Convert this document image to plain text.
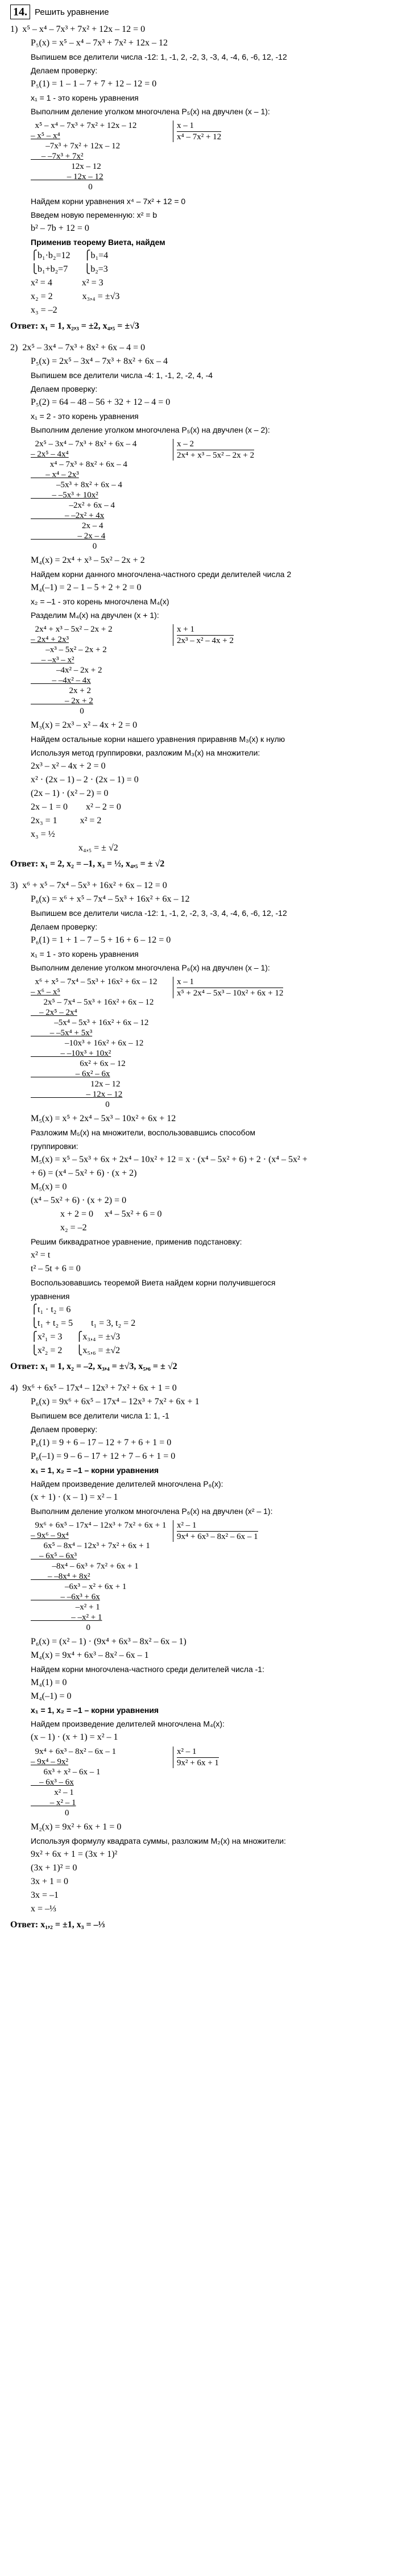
14. Решить уравнение
1)  x⁵ – x⁴ – 7x³ + 7x² + 12x – 12 = 0
P₅(x) = x⁵ – x⁴ – 7x³ + 7x² + 12x – 12
Выпишем все делители числа -12: 1, -1, 2, -2, 3, -3, 4, -4, 6, -6, 12, -12
Делаем проверку:
P₅(1) = 1 – 1 – 7 + 7 + 12 – 12 = 0
x₁ = 1 - это корень уравнения
Выполним деление уголком многочлена P₅(x) на двучлен (x – 1):
x⁵ – x⁴ – 7x³ + 7x² + 12x – 12
– x⁵ – x⁴
–7x³ + 7x² + 12x – 12
– –7x³ + 7x²
12x – 12
– 12x – 12
0
x – 1
x⁴ – 7x² + 12
Найдем корни уравнения x⁴ – 7x² + 12 = 0
Введем новую переменную: x² = b
b² – 7b + 12 = 0
Применив теорему Виета, найдем
⎧b₁·b₂=12      ⎧b₁=4
⎩b₁+b₂=7       ⎩b₂=3
x² = 4             x² = 3
x₂ = 2             x₃,₄ = ±√3
x₃ = –2
Ответ: x₁ = 1, x₂,₃ = ±2, x₄,₅ = ±√3
2)  2x⁵ – 3x⁴ – 7x³ + 8x² + 6x – 4 = 0
P₅(x) = 2x⁵ – 3x⁴ – 7x³ + 8x² + 6x – 4
Выпишем все делители числа -4: 1, -1, 2, -2, 4, -4
Делаем проверку:
P₅(2) = 64 – 48 – 56 + 32 + 12 – 4 = 0
x₁ = 2 - это корень уравнения
Выполним деление уголком многочлена P₅(x) на двучлен (x – 2):
2x⁵ – 3x⁴ – 7x³ + 8x² + 6x – 4
– 2x⁵ – 4x⁴
x⁴ – 7x³ + 8x² + 6x – 4
– x⁴ – 2x³
–5x³ + 8x² + 6x – 4
– –5x³ + 10x²
–2x² + 6x – 4
– –2x² + 4x
2x – 4
– 2x – 4
0
x – 2
2x⁴ + x³ – 5x² – 2x + 2
M₄(x) = 2x⁴ + x³ – 5x² – 2x + 2
Найдем корни данного многочлена-частного среди делителей числа 2
M₄(–1) = 2 – 1 – 5 + 2 + 2 = 0
x₂ = –1 - это корень многочлена M₄(x)
Разделим M₄(x) на двучлен (x + 1):
2x⁴ + x³ – 5x² – 2x + 2
– 2x⁴ + 2x³
–x³ – 5x² – 2x + 2
– –x³ – x²
–4x² – 2x + 2
– –4x² – 4x
2x + 2
– 2x + 2
0
x + 1
2x³ – x² – 4x + 2
M₃(x) = 2x³ – x² – 4x + 2 = 0
Найдем остальные корни нашего уравнения приравняв M₃(x) к нулю
Используя метод группировки, разложим M₃(x) на множители:
2x³ – x² – 4x + 2 = 0
x² · (2x – 1) – 2 · (2x – 1) = 0
(2x – 1) · (x² – 2) = 0
2x – 1 = 0        x² – 2 = 0
2x₃ = 1          x² = 2
x₃ = ½
x₄,₅ = ± √2
Ответ: x₁ = 2, x₂ = –1, x₃ = ½, x₄,₅ = ± √2
3)  x⁶ + x⁵ – 7x⁴ – 5x³ + 16x² + 6x – 12 = 0
P₆(x) = x⁶ + x⁵ – 7x⁴ – 5x³ + 16x² + 6x – 12
Выпишем все делители числа -12: 1, -1, 2, -2, 3, -3, 4, -4, 6, -6, 12, -12
Делаем проверку:
P₆(1) = 1 + 1 – 7 – 5 + 16 + 6 – 12 = 0
x₁ = 1 - это корень уравнения
Выполним деление уголком многочлена P₆(x) на двучлен (x – 1):
x⁶ + x⁵ – 7x⁴ – 5x³ + 16x² + 6x – 12
– x⁶ – x⁵
2x⁵ – 7x⁴ – 5x³ + 16x² + 6x – 12
– 2x⁵ – 2x⁴
–5x⁴ – 5x³ + 16x² + 6x – 12
– –5x⁴ + 5x³
–10x³ + 16x² + 6x – 12
– –10x³ + 10x²
6x² + 6x – 12
– 6x² – 6x
12x – 12
– 12x – 12
0
x – 1
x⁵ + 2x⁴ – 5x³ – 10x² + 6x + 12
M₅(x) = x⁵ + 2x⁴ – 5x³ – 10x² + 6x + 12
Разложим M₅(x) на множители, воспользовавшись способом
группировки:
M₅(x) = x⁵ – 5x³ + 6x + 2x⁴ – 10x² + 12 = x · (x⁴ – 5x² + 6) + 2 · (x⁴ – 5x² +
+ 6) = (x⁴ – 5x² + 6) · (x + 2)
M₅(x) = 0
(x⁴ – 5x² + 6) · (x + 2) = 0
x + 2 = 0     x⁴ – 5x² + 6 = 0
x₂ = –2
Решим биквадратное уравнение, применив подстановку:
x² = t
t² – 5t + 6 = 0
Воспользовавшись теоремой Виета найдем корни получившегося
уравнения
⎧t₁ · t₂ = 6
⎩t₁ + t₂ = 5        t₁ = 3, t₂ = 2
⎧x²₁ = 3      ⎧x₃,₄ = ±√3
⎩x²₂ = 2      ⎩x₅,₆ = ±√2
Ответ: x₁ = 1, x₂ = –2, x₃,₄ = ±√3, x₅,₆ = ± √2
4)  9x⁶ + 6x⁵ – 17x⁴ – 12x³ + 7x² + 6x + 1 = 0
P₆(x) = 9x⁶ + 6x⁵ – 17x⁴ – 12x³ + 7x² + 6x + 1
Выпишем все делители числа 1: 1, -1
Делаем проверку:
P₆(1) = 9 + 6 – 17 – 12 + 7 + 6 + 1 = 0
P₆(–1) = 9 – 6 – 17 + 12 + 7 – 6 + 1 = 0
x₁ = 1, x₂ = –1 – корни уравнения
Найдем произведение делителей многочлена P₆(x):
(x + 1) · (x – 1) = x² – 1
Выполним деление уголком многочлена P₆(x) на двучлен (x² – 1):
9x⁶ + 6x⁵ – 17x⁴ – 12x³ + 7x² + 6x + 1
– 9x⁶ – 9x⁴
6x⁵ – 8x⁴ – 12x³ + 7x² + 6x + 1
– 6x⁵ – 6x³
–8x⁴ – 6x³ + 7x² + 6x + 1
– –8x⁴ + 8x²
–6x³ – x² + 6x + 1
– –6x³ + 6x
–x² + 1
– –x² + 1
0
x² – 1
9x⁴ + 6x³ – 8x² – 6x – 1
P₆(x) = (x² – 1) · (9x⁴ + 6x³ – 8x² – 6x – 1)
M₄(x) = 9x⁴ + 6x³ – 8x² – 6x – 1
Найдем корни многочлена-частного среди делителей числа -1:
M₄(1) = 0
M₄(–1) = 0
x₁ = 1, x₂ = –1 – корни уравнения
Найдем произведение делителей многочлена M₄(x):
(x – 1) · (x + 1) = x² – 1
9x⁴ + 6x³ – 8x² – 6x – 1
– 9x⁴ – 9x²
6x³ + x² – 6x – 1
– 6x³ – 6x
x² – 1
– x² – 1
0
x² – 1
9x² + 6x + 1
M₂(x) = 9x² + 6x + 1 = 0
Используя формулу квадрата суммы, разложим M₂(x) на множители:
9x² + 6x + 1 = (3x + 1)²
(3x + 1)² = 0
3x + 1 = 0
3x = –1
x = –⅓
Ответ: x₁,₂ = ±1, x₃ = –⅓
